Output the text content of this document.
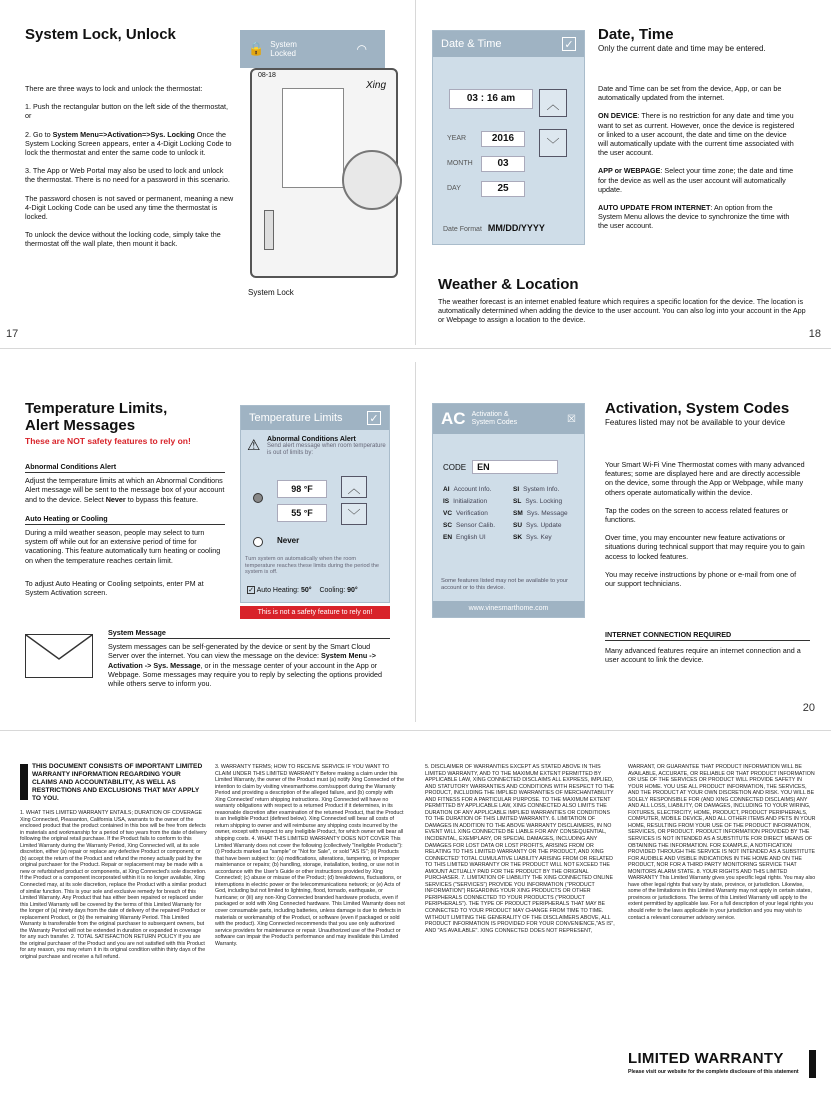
System Lock, Unlock

There are three ways to lock and unlock the thermostat:

1. Push the rectangular button on the left side of the thermostat, or

2. Go to System Menu=>Activation=>Sys. Locking Once the System Locking Screen appears, enter a 4-Digit Locking Code to lock the thermostat and enter the same code to unlock it.

3. The App or Web Portal may also be used to lock and unlock the thermostat. There is no need for a password in this scenario.

The password chosen is not saved or permanent, meaning a new 4-Digit Locking Code can be used any time the thermostat is locked.

To unlock the device without the locking code, simply take the thermostat off the wall plate, then mount it back.

🔒 System Locked	◠
08-18
Xing
System Lock
17
Date & Time	✓
03 : 16 am	︿
﹀
YEAR	2016
MONTH	03
DAY	25
Date Format MM/DD/YYYY
Date, Time

Only the current date and time may be entered.

Date and Time can be set from the device, App, or can be automatically updated from the internet.

ON DEVICE: There is no restriction for any date and time you want to set as current. However, once the device is registered or linked to a user account, the date and time on the device will automatically update with the current time associated with the user account.

APP or WEBPAGE: Select your time zone; the date and time for the device as well as the user account will automatically update.

AUTO UPDATE FROM INTERNET: An option from the System Menu allows the device to synchronize the time with the user account.

Weather & Location

The weather forecast is an internet enabled feature which requires a specific location for the device. The location is automatically determined when adding the device to the user account. You can also log into your account in the App or Webpage to assign a location to the device.

18
Temperature Limits, Alert Messages

These are NOT safety features to rely on!

Abnormal Conditions Alert

Adjust the temperature limits at which an Abnormal Conditions Alert message will be sent to the message box of your account and to the device. Select Never to bypass this feature.

Auto Heating or Cooling

During a mild weather season, people may select to turn system off while out for an extensive period of time for vacationing. This feature automatically turn heating or cooling on when the temperature reaches certain limit.

To adjust Auto Heating or Cooling setpoints, enter PM at System Activation screen.

Temperature Limits ✓
⚠ Abnormal Conditions Alert

Send alert message when room temperature is out of limits by:

98 °F
55 °F
︿
﹀
Never

Turn system on automatically when the room temperature reaches these limits during the period the system is off.

✓ Auto Heating: 50° Cooling: 90°
This is not a safety feature to rely on!

System Message

System messages can be self-generated by the device or sent by the Smart Cloud Server over the internet. You can view the message on the device: System Menu -> Activation -> Sys. Message, or in the message center of your account in the App or Webpage. Some messages may require you to reply by selecting the options provided while others serve to inform you.

AC Activation & System Codes	☒
CODE	EN
AI Account Info.	SI System Info.
IS Initialization	SL Sys. Locking
VC Verification	SM Sys. Message
SC Sensor Calib.	SU Sys. Update
EN English UI	SK Sys. Key

Some features listed may not be available to your account or to this device.

www.vinesmarthome.com
Activation, System Codes

Features listed may not be available to your device

Your Smart Wi-Fi Vine Thermostat comes with many advanced features; some are displayed here and are directly accessible on the device, some through the App or Webpage, while many others operate automatically within the device.

Tap the codes on the screen to access related features or functions.

Over time, you may encounter new feature activations or situations during technical support that may require you to gain access to locked features.

You may receive instructions by phone or e-mail from one of our support technicians.

INTERNET CONNECTION REQUIRED

Many advanced features require an internet connection and a user account to link the device.

20

THIS DOCUMENT CONSISTS OF IMPORTANT LIMITED WARRANTY INFORMATION REGARDING YOUR CLAIMS AND ACCOUNTABILITY, AS WELL AS RESTRICTIONS AND EXCLUSIONS THAT MAY APPLY TO YOU.

1. WHAT THIS LIMITED WARRANTY ENTAILS; DURATION OF COVERAGE Xing Connected, Pleasanton, California USA, warrants to the owner of the enclosed product that the product contained in this box will be free from defects in materials and workmanship for a period of two years from the date of delivery following the original retail purchase. If the Product fails to conform to this Limited Warranty during the Warranty Period, Xing Connected will, at its sole discretion, either (a) repair or replace any defective Product or component; or (b) accept the return of the Product and refund the money actually paid by the original purchaser for the Product. Repair or replacement may be made with a new or refurbished product or components, at Xing Connected's sole discretion. If the Product or a component incorporated within it is no longer available, Xing Connected may, at its sole discretion, replace the Product with a similar product of similar function. This is your sole and exclusive remedy for breach of this Limited Warranty. Any Product that has either been repaired or replaced under this Limited Warranty will be covered by the terms of this Limited Warranty for the longer of (a) ninety days from the date of delivery of the repaired Product or replacement Product, or (b) the remaining Warranty Period. This Limited Warranty is transferable from the original purchaser to subsequent owners, but the Warranty Period will not be extended in duration or expanded in coverage for any such transfer. 2. TOTAL SATISFACTION RETURN POLICY If you are the original purchaser of the Product and you are not satisfied with this Product for any reason, you may return it in its original condition within thirty days of the original purchase and receive a full refund.

3. WARRANTY TERMS; HOW TO RECEIVE SERVICE IF YOU WANT TO CLAIM UNDER THIS LIMITED WARRANTY Before making a claim under this Limited Warranty, the owner of the Product must (a) notify Xing Connected of the intention to claim by visiting vinesmarthome.com/support during the Warranty Period and providing a description of the alleged failure, and (b) comply with Xing Connected' return shipping instructions. Xing Connected will have no warranty obligations with respect to a returned Product if it determines, in its reasonable discretion after examination of the returned Product, that the Product is an Ineligible Product (defined below). Xing Connected will bear all costs of return shipping to owner and will reimburse any shipping costs incurred by the owner, except with respect to any Ineligible Product, for which owner will bear all shipping costs. 4. WHAT THIS LIMITED WARRANTY DOES NOT COVER This Limited Warranty does not cover the following (collectively "Ineligible Products"): (i) Products marked as "sample" or "Not for Sale", or sold "AS IS"; (ii) Products that have been subject to: (a) modifications, alterations, tampering, or improper maintenance or repairs; (b) handling, storage, installation, testing, or use not in accordance with the User's Guide or other instructions provided by Xing Connected; (c) abuse or misuse of the Product; (d) breakdowns, fluctuations, or interruptions in electric power or the telecommunications network; or (e) Acts of God, including but not limited to lightning, flood, tornado, earthquake, or hurricane; or (iii) any non-Xing Connected branded hardware products, even if packaged or sold with Xing Connected hardware. This Limited Warranty does not cover consumable parts, including batteries, unless damage is due to defects in materials or workmanship of the Product, or software (even if packaged or sold with the product). Xing Connected recommends that you use only authorized service providers for maintenance or repair. Unauthorized use of the Product or software can impair the Product's performance and may invalidate this Limited Warranty.

5. DISCLAIMER OF WARRANTIES EXCEPT AS STATED ABOVE IN THIS LIMITED WARRANTY, AND TO THE MAXIMUM EXTENT PERMITTED BY APPLICABLE LAW, XING CONNECTED DISCLAIMS ALL EXPRESS, IMPLIED, AND STATUTORY WARRANTIES AND CONDITIONS WITH RESPECT TO THE PRODUCT, INCLUDING THE IMPLIED WARRANTIES OF MERCHANTABILITY AND FITNESS FOR A PARTICULAR PURPOSE. TO THE MAXIMUM EXTENT PERMITTED BY APPLICABLE LAW, XING CONNECTED ALSO LIMITS THE DURATION OF ANY APPLICABLE IMPLIED WARRANTIES OR CONDITIONS TO THE DURATION OF THIS LIMITED WARRANTY. 6. LIMITATION OF DAMAGES IN ADDITION TO THE ABOVE WARRANTY DISCLAIMERS, IN NO EVENT WILL XING CONNECTED BE LIABLE FOR ANY CONSEQUENTIAL, INCIDENTAL, EXEMPLARY, OR SPECIAL DAMAGES, INCLUDING ANY DAMAGES FOR LOST DATA OR LOST PROFITS, ARISING FROM OR RELATING TO THIS LIMITED WARRANTY OR THE PRODUCT, AND XING CONNECTED' TOTAL CUMULATIVE LIABILITY ARISING FROM OR RELATED TO THIS LIMITED WARRANTY OR THE PRODUCT WILL NOT EXCEED THE AMOUNT ACTUALLY PAID FOR THE PRODUCT BY THE ORIGINAL PURCHASER. 7. LIMITATION OF LIABILITY THE XING CONNECTED ONLINE SERVICES ("SERVICES") PROVIDE YOU INFORMATION ("PRODUCT INFORMATION") REGARDING YOUR XING PRODUCTS OR OTHER PERIPHERALS CONNECTED TO YOUR PRODUCTS ("PRODUCT PERIPHERALS"). THE TYPE OF PRODUCT PERIPHERALS THAT MAY BE CONNECTED TO YOUR PRODUCT MAY CHANGE FROM TIME TO TIME. WITHOUT LIMITING THE GENERALITY OF THE DISCLAIMERS ABOVE, ALL PRODUCT INFORMATION IS PROVIDED FOR YOUR CONVENIENCE,"AS IS", AND "AS AVAILABLE". XING CONNECTED DOES NOT REPRESENT,

WARRANT, OR GUARANTEE THAT PRODUCT INFORMATION WILL BE AVAILABLE, ACCURATE, OR RELIABLE OR THAT PRODUCT INFORMATION OR USE OF THE SERVICES OR PRODUCT WILL PROVIDE SAFETY IN YOUR HOME. YOU USE ALL PRODUCT INFORMATION, THE SERVICES, AND THE PRODUCT AT YOUR OWN DISCRETION AND RISK. YOU WILL BE SOLELY RESPONSIBLE FOR (AND XING CONNECTED DISCLAIMS) ANY AND ALL LOSS, LIABILITY, OR DAMAGES, INCLUDING TO YOUR WIRING, FIXTURES, ELECTRICITY, HOME, PRODUCT, PRODUCT PERIPHERALS, COMPUTER, MOBILE DEVICE, AND ALL OTHER ITEMS AND PETS IN YOUR HOME, RESULTING FROM YOUR USE OF THE PRODUCT INFORMATION, SERVICES, OR PRODUCT. PRODUCT INFORMATION PROVIDED BY THE SERVICES IS NOT INTENDED AS A SUBSTITUTE FOR DIRECT MEANS OF OBTAINING THE INFORMATION. FOR EXAMPLE, A NOTIFICATION PROVIDED THROUGH THE SERVICE IS NOT INTENDED AS A SUBSTITUTE FOR AUDIBLE AND VISIBLE INDICATIONS IN THE HOME AND ON THE PRODUCT, NOR FOR A THIRD PARTY MONITORING SERVICE THAT MONITORS ALARM STATE. 8. YOUR RIGHTS AND THIS LIMITED WARRANTY This Limited Warranty gives you specific legal rights. You may also have other legal rights that vary by state, province, or jurisdiction. Likewise, some of the limitations in this Limited Warranty may not apply in certain states, provinces or jurisdictions. The terms of this Limited Warranty will apply to the extent permitted by applicable law. For a full description of your legal rights you should refer to the laws applicable in your jurisdiction and you may wish to contact a relevant consumer advisory service.

LIMITED WARRANTY

Please visit our website for the complete disclosure of this statement
